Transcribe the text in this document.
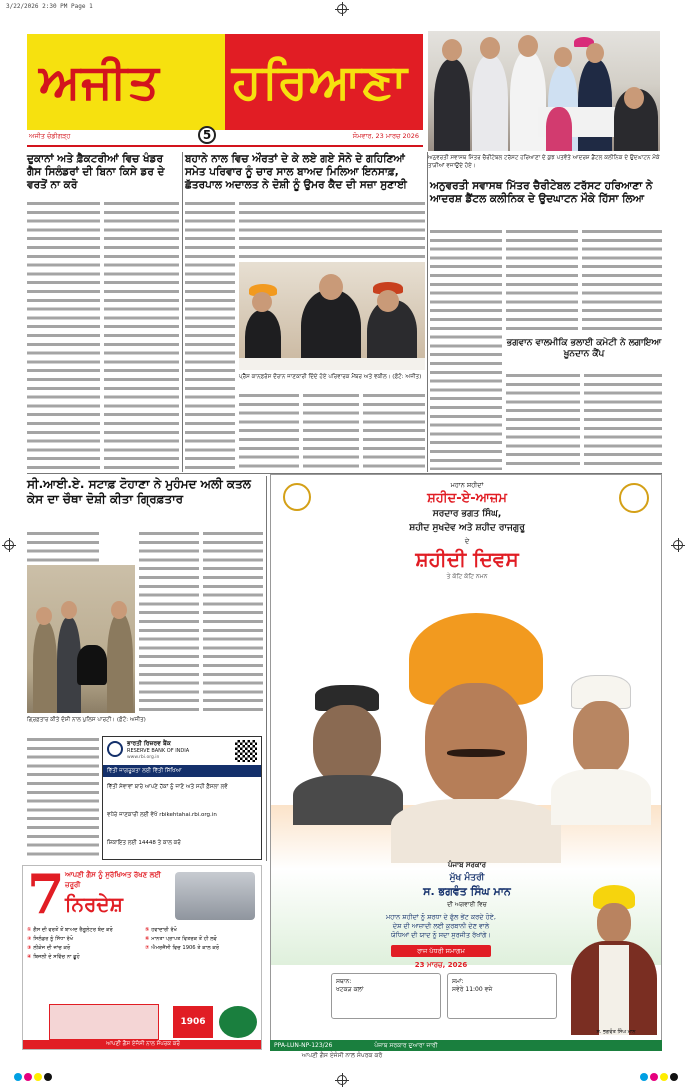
3/22/2026 2:30 PM Page 1
ਅਜੀਤ ਹਰਿਆਣਾ
5
ਅਜੀਤ ਚੰਡੀਗੜ੍ਹ	ਸੋਮਵਾਰ, 23 ਮਾਰਚ 2026
ਅਨੁਵਰਤੀ ਸਵਾਸਥ ਮਿੱਤਰ ਚੈਰੀਟੇਬਲ ਟਰੱਸਟ ਹਰਿਆਣਾ ਦੇ ਕੁਝ ਪਤਵੰਤੇ ਆਦਰਸ਼ ਡੈਂਟਲ ਕਲੀਨਿਕ ਦੇ ਉਦਘਾਟਨ ਮੌਕੇ ਤਾੜੀਆਂ ਵਜਾਉਂਦੇ ਹੋਏ।
ਦੁਕਾਨਾਂ ਅਤੇ ਫ਼ੈਕਟਰੀਆਂ ਵਿਚ ਖੰਡਰ ਗੈਸ ਸਿਲੰਡਰਾਂ ਦੀ ਬਿਨਾ ਕਿਸੇ ਡਰ ਦੇ ਵਰਤੋਂ ਨਾ ਕਰੋ
ਬਹਾਨੇ ਨਾਲ ਵਿਚ ਔਰਤਾਂ ਦੇ ਕੇ ਲਏ ਗਏ ਸੋਨੇ ਦੇ ਗਹਿਣਿਆਂ ਸਮੇਤ ਪਰਿਵਾਰ ਨੂੰ ਚਾਰ ਸਾਲ ਬਾਅਦ ਮਿਲਿਆ ਇਨਸਾਫ਼, ਛੱਤਰਪਾਲ ਅਦਾਲਤ ਨੇ ਦੋਸ਼ੀ ਨੂੰ ਉਮਰ ਕੈਦ ਦੀ ਸਜ਼ਾ ਸੁਣਾਈ
ਪ੍ਰੈੱਸ ਕਾਨਫ਼ਰੰਸ ਦੌਰਾਨ ਜਾਣਕਾਰੀ ਦਿੰਦੇ ਹੋਏ ਪਰਿਵਾਰਕ ਮੈਂਬਰ ਅਤੇ ਵਕੀਲ। (ਫ਼ੋਟੋ: ਅਜੀਤ)
ਅਨੁਵਰਤੀ ਸਵਾਸਥ ਮਿੱਤਰ ਚੈਰੀਟੇਬਲ ਟਰੱਸਟ ਹਰਿਆਣਾ ਨੇ ਆਦਰਸ਼ ਡੈਂਟਲ ਕਲੀਨਿਕ ਦੇ ਉਦਘਾਟਨ ਮੌਕੇ ਹਿੱਸਾ ਲਿਆ
ਭਗਵਾਨ ਵਾਲਮੀਕਿ ਭਲਾਈ ਕਮੇਟੀ ਨੇ ਲਗਾਇਆ ਖ਼ੂਨਦਾਨ ਕੈਂਪ
ਸੀ.ਆਈ.ਏ. ਸਟਾਫ਼ ਟੋਹਾਣਾ ਨੇ ਮੁਹੰਮਦ ਅਲੀ ਕਤਲ ਕੇਸ ਦਾ ਚੌਥਾ ਦੋਸ਼ੀ ਕੀਤਾ ਗ੍ਰਿਫ਼ਤਾਰ
ਗ੍ਰਿਫ਼ਤਾਰ ਕੀਤੇ ਦੋਸ਼ੀ ਨਾਲ ਪੁਲਿਸ ਪਾਰਟੀ। (ਫ਼ੋਟੋ: ਅਜੀਤ)
ਭਾਰਤੀ ਰਿਜ਼ਰਵ ਬੈਂਕ
RESERVE BANK OF INDIA
www.rbi.org.in
ਵਿੱਤੀ ਜਾਗਰੂਕਤਾ ਲਈ ਵਿੱਤੀ ਸਿੱਖਿਆ
ਵਿੱਤੀ ਸੇਵਾਵਾਂ ਬਾਰੇ ਆਪਣੇ ਹੱਕਾਂ ਨੂੰ ਜਾਣੋ ਅਤੇ ਸਹੀ ਫ਼ੈਸਲਾ ਲਵੋ
ਵਧੇਰੇ ਜਾਣਕਾਰੀ ਲਈ ਵੇਖੋ rbikehtahai.rbi.org.in
ਸ਼ਿਕਾਇਤ ਲਈ 14448 ਤੇ ਕਾਲ ਕਰੋ
7 ਆਪਣੀ ਗੈਸ ਨੂੰ ਸੁਰੱਖਿਅਤ ਰੱਖਣ ਲਈ ਜ਼ਰੂਰੀ
ਨਿਰਦੇਸ਼
① ਗੈਸ ਦੀ ਵਰਤੋਂ ਤੋਂ ਬਾਅਦ ਰੈਗੂਲੇਟਰ ਬੰਦ ਕਰੋ
② ਸਿਲੰਡਰ ਨੂੰ ਸਿੱਧਾ ਰੱਖੋ
③ ਲੀਕੇਜ ਦੀ ਜਾਂਚ ਕਰੋ
④ ਬਿਜਲੀ ਦੇ ਸਵਿੱਚ ਨਾ ਛੂਹੋ
⑤ ਹਵਾਦਾਰੀ ਰੱਖੋ
⑥ ਮਾਨਤਾ ਪ੍ਰਾਪਤ ਵਿਤਰਕ ਤੋਂ ਹੀ ਲਵੋ
⑦ ਐਮਰਜੈਂਸੀ ਵਿਚ 1906 ਤੇ ਕਾਲ ਕਰੋ
1906
ਆਪਣੀ ਗੈਸ ਏਜੰਸੀ ਨਾਲ ਸੰਪਰਕ ਕਰੋ
ਮਹਾਨ ਸ਼ਹੀਦਾਂ
ਸ਼ਹੀਦ-ਏ-ਆਜ਼ਮ
ਸਰਦਾਰ ਭਗਤ ਸਿੰਘ,
ਸ਼ਹੀਦ ਸੁਖਦੇਵ ਅਤੇ ਸ਼ਹੀਦ ਰਾਜਗੁਰੂ
ਦੇ
ਸ਼ਹੀਦੀ ਦਿਵਸ
ਤੇ ਕੋਟਿ ਕੋਟਿ ਨਮਨ
ਪੰਜਾਬ ਸਰਕਾਰ
ਮੁੱਖ ਮੰਤਰੀ
ਸ. ਭਗਵੰਤ ਸਿੰਘ ਮਾਨ
ਦੀ ਅਗਵਾਈ ਵਿਚ
ਮਹਾਨ ਸ਼ਹੀਦਾਂ ਨੂੰ ਸ਼ਰਧਾ ਦੇ ਫੁੱਲ ਭੇਂਟ ਕਰਦੇ ਹੋਏ,
ਦੇਸ਼ ਦੀ ਆਜ਼ਾਦੀ ਲਈ ਕੁਰਬਾਨੀ ਦੇਣ ਵਾਲੇ
ਯੋਧਿਆਂ ਦੀ ਯਾਦ ਨੂੰ ਸਦਾ ਸੁਰਜੀਤ ਰੱਖਾਂਗੇ।
ਰਾਜ ਪੱਧਰੀ ਸਮਾਗਮ
23 ਮਾਰਚ, 2026
ਸਥਾਨ:
ਖਟਕੜ ਕਲਾਂ
ਸਮਾਂ:
ਸਵੇਰੇ 11:00 ਵਜੇ
ਸ. ਭਗਵੰਤ ਸਿੰਘ ਮਾਨ
PPA-LUN-NP-123/26	ਪੰਜਾਬ ਸਰਕਾਰ ਦੁਆਰਾ ਜਾਰੀ
ਆਪਣੀ ਗੈਸ ਏਜੰਸੀ ਨਾਲ ਸੰਪਰਕ ਕਰੋ
